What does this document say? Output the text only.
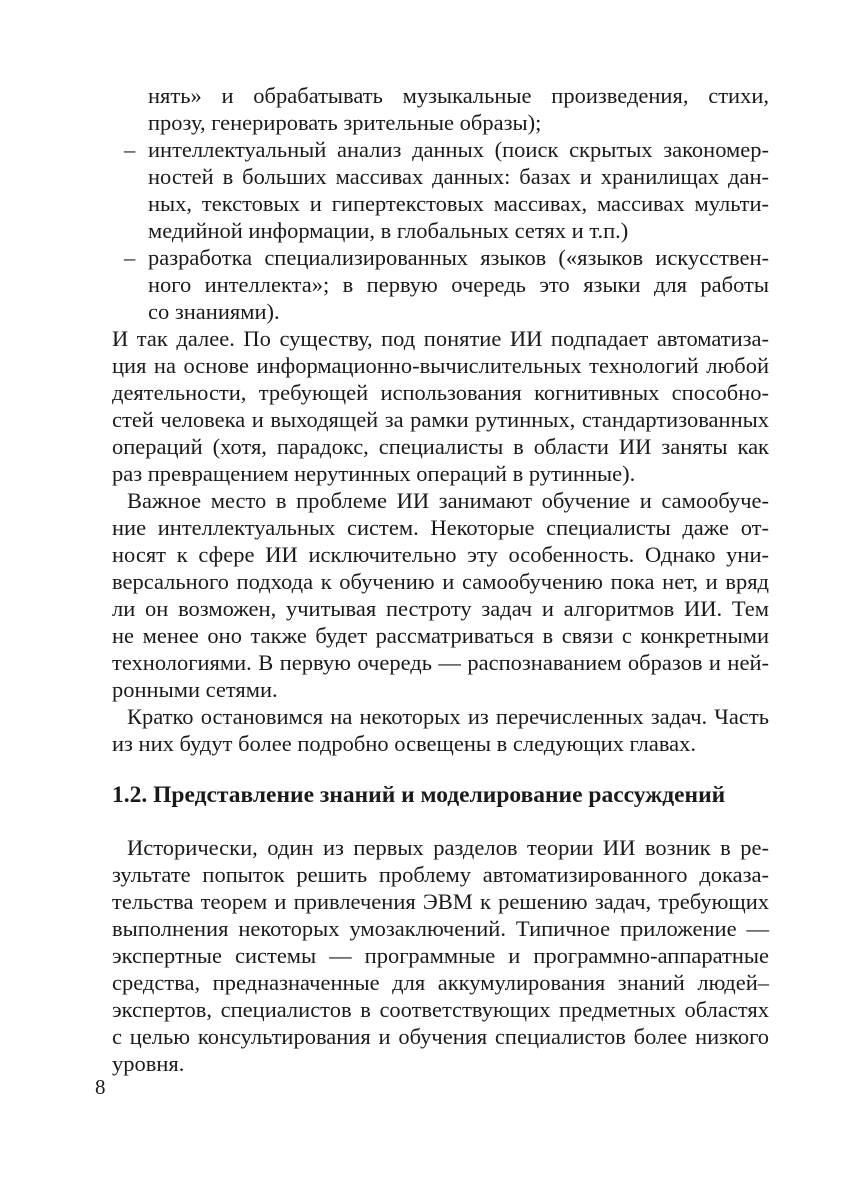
нять» и обрабатывать музыкальные произведения, стихи,
прозу, генерировать зрительные образы);
– интеллектуальный анализ данных (поиск скрытых закономер-
ностей в больших массивах данных: базах и хранилищах дан-
ных, текстовых и гипертекстовых массивах, массивах мульти-
медийной информации, в глобальных сетях и т.п.)
– разработка специализированных языков («языков искусствен-
ного интеллекта»; в первую очередь это языки для работы
со знаниями).
И так далее. По существу, под понятие ИИ подпадает автоматиза-
ция на основе информационно-вычислительных технологий любой
деятельности, требующей использования когнитивных способно-
стей человека и выходящей за рамки рутинных, стандартизованных
операций (хотя, парадокс, специалисты в области ИИ заняты как
раз превращением нерутинных операций в рутинные).
Важное место в проблеме ИИ занимают обучение и самообуче-
ние интеллектуальных систем. Некоторые специалисты даже от-
носят к сфере ИИ исключительно эту особенность. Однако уни-
версального подхода к обучению и самообучению пока нет, и вряд
ли он возможен, учитывая пестроту задач и алгоритмов ИИ. Тем
не менее оно также будет рассматриваться в связи с конкретными
технологиями. В первую очередь — распознаванием образов и ней-
ронными сетями.
Кратко остановимся на некоторых из перечисленных задач. Часть
из них будут более подробно освещены в следующих главах.
1.2. Представление знаний и моделирование рассуждений
Исторически, один из первых разделов теории ИИ возник в ре-
зультате попыток решить проблему автоматизированного доказа-
тельства теорем и привлечения ЭВМ к решению задач, требующих
выполнения некоторых умозаключений. Типичное приложение —
экспертные системы — программные и программно-аппаратные
средства, предназначенные для аккумулирования знаний людей–
экспертов, специалистов в соответствующих предметных областях
с целью консультирования и обучения специалистов более низкого
уровня.
8
